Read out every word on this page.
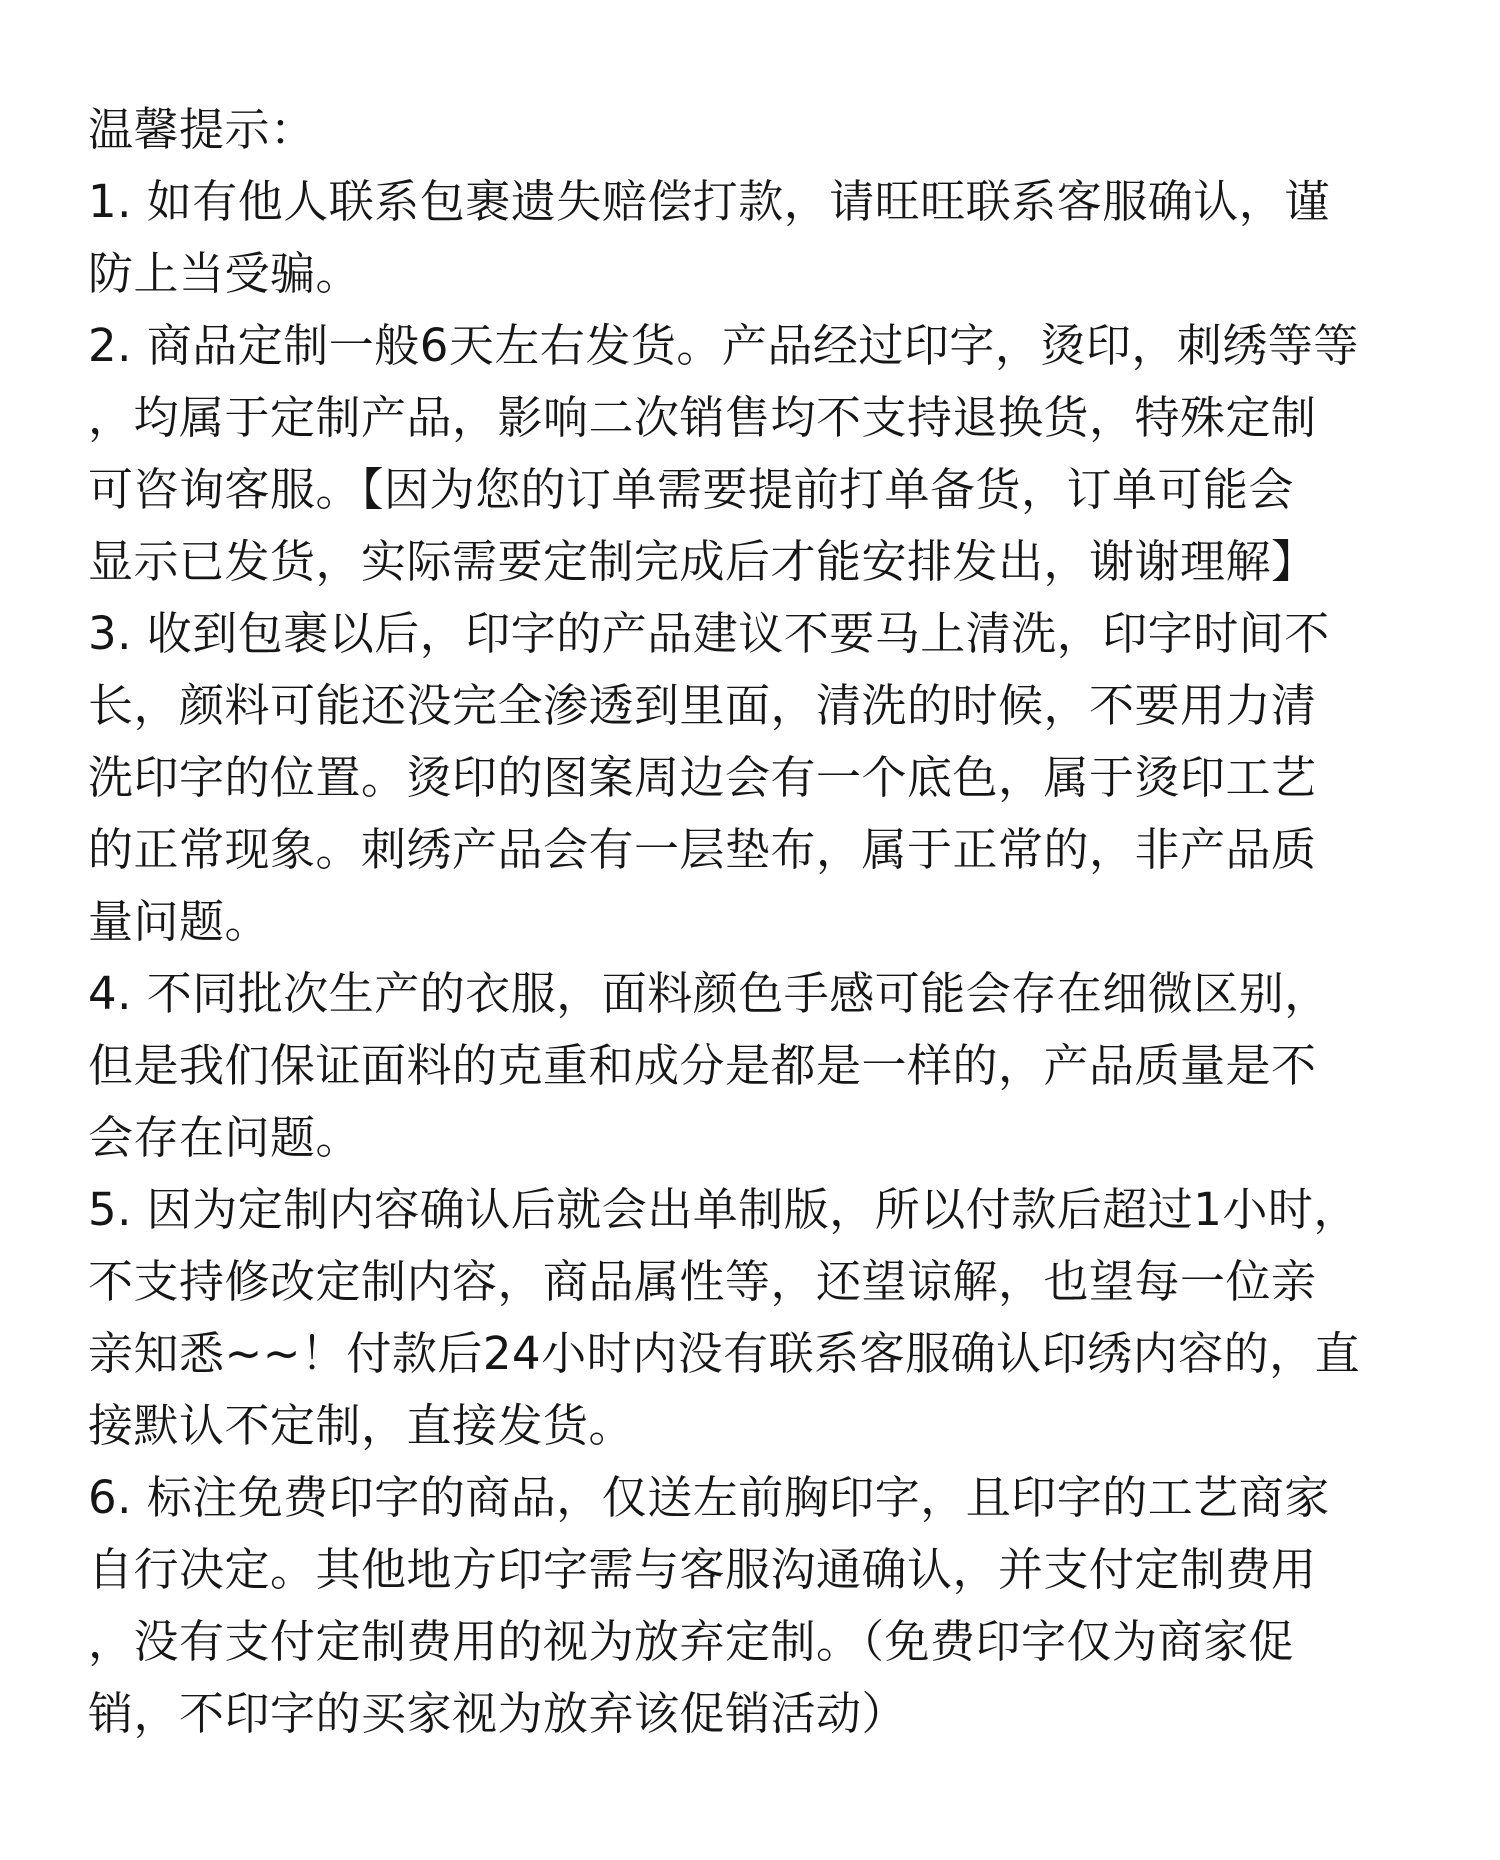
温馨提示：
1. 如有他人联系包裹遗失赔偿打款，请旺旺联系客服确认，谨
防上当受骗。
2. 商品定制一般6天左右发货。产品经过印字，烫印，刺绣等等
，均属于定制产品，影响二次销售均不支持退换货，特殊定制
可咨询客服。【因为您的订单需要提前打单备货，订单可能会
显示已发货，实际需要定制完成后才能安排发出，谢谢理解】
3. 收到包裹以后，印字的产品建议不要马上清洗，印字时间不
长，颜料可能还没完全渗透到里面，清洗的时候，不要用力清
洗印字的位置。烫印的图案周边会有一个底色，属于烫印工艺
的正常现象。刺绣产品会有一层垫布，属于正常的，非产品质
量问题。
4. 不同批次生产的衣服，面料颜色手感可能会存在细微区别，
但是我们保证面料的克重和成分是都是一样的，产品质量是不
会存在问题。
5. 因为定制内容确认后就会出单制版，所以付款后超过1小时，
不支持修改定制内容，商品属性等，还望谅解，也望每一位亲
亲知悉~~！付款后24小时内没有联系客服确认印绣内容的，直
接默认不定制，直接发货。
6. 标注免费印字的商品，仅送左前胸印字，且印字的工艺商家
自行决定。其他地方印字需与客服沟通确认，并支付定制费用
，没有支付定制费用的视为放弃定制。（免费印字仅为商家促
销，不印字的买家视为放弃该促销活动）
